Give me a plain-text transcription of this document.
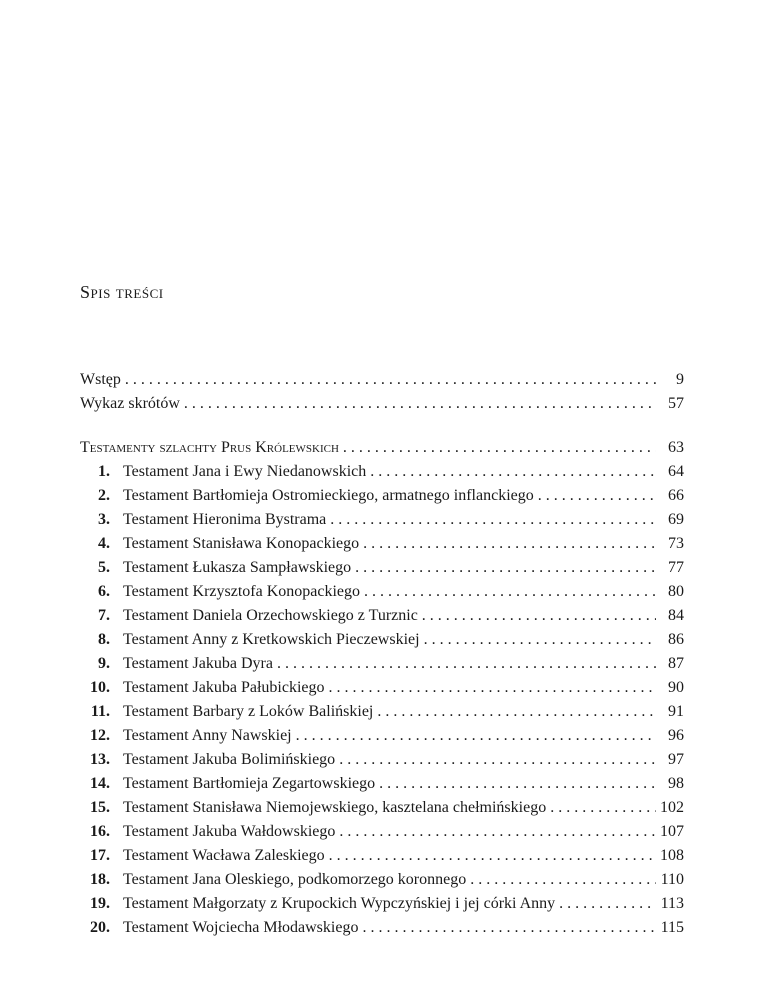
Spis treści
Wstęp . . .	9
Wykaz skrótów . . .	57
Testamenty szlachty Prus Królewskich . . .	63
1. Testament Jana i Ewy Niedanowskich . . .	64
2. Testament Bartłomieja Ostromieckiego, armatnego inflanckiego . . .	66
3. Testament Hieronima Bystrama . . .	69
4. Testament Stanisława Konopackiego . . .	73
5. Testament Łukasza Sampławskiego . . .	77
6. Testament Krzysztofa Konopackiego . . .	80
7. Testament Daniela Orzechowskiego z Turznic . . .	84
8. Testament Anny z Kretkowskich Pieczewskiej . . .	86
9. Testament Jakuba Dyra . . .	87
10. Testament Jakuba Pałubickiego . . .	90
11. Testament Barbary z Loków Balińskiej . . .	91
12. Testament Anny Nawskiej . . .	96
13. Testament Jakuba Bolimińskiego . . .	97
14. Testament Bartłomieja Zegartowskiego . . .	98
15. Testament Stanisława Niemojewskiego, kasztelana chełmińskiego . . .	102
16. Testament Jakuba Wałdowskiego . . .	107
17. Testament Wacława Zaleskiego . . .	108
18. Testament Jana Oleskiego, podkomorzego koronnego . . .	110
19. Testament Małgorzaty z Krupockich Wypczyńskiej i jej córki Anny . . .	113
20. Testament Wojciecha Młodawskiego . . .	115
